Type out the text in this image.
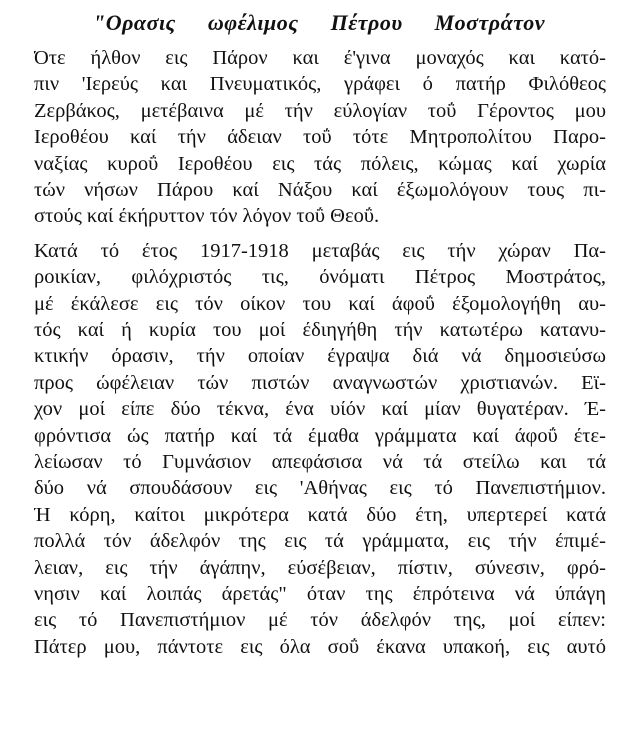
"Ορασις ωφέλιμος Πέτρου Μοστράτον
Ότε ήλθον εις Πάρον και έ'γινα μοναχός και κατό-
πιν 'Ιερεύς και Πνευματικός, γράφει ό πατήρ Φιλόθεος
Ζερβάκος, μετέβαινα μέ τήν εύλογίαν τοΰ Γέροντος μου
Ιεροθέου καί τήν άδειαν τοΰ τότε Μητροπολίτου Παρο-
ναξίας κυροΰ Ιεροθέου εις τάς πόλεις, κώμας καί χωρία
τών νήσων Πάρου καί Νάξου καί έξωμολόγουν τους πι-
στούς καί έκήρυττον τόν λόγον τοΰ Θεοΰ.
Κατά τό έτος 1917-1918 μεταβάς εις τήν χώραν Πα-
ροικίαν, φιλόχριστός τις, όνόματι Πέτρος Μοστράτος,
μέ έκάλεσε εις τόν οίκον του καί άφοΰ έξομολογήθη αυ-
τός καί ή κυρία του μοί έδιηγήθη τήν κατωτέρω κατανυ-
κτικήν όρασιν, τήν οποίαν έγραψα διά νά δημοσιεύσω
προς ώφέλειαν τών πιστών αναγνωστών χριστιανών. Εϊ-
χον μοί είπε δύο τέκνα, ένα υίόν καί μίαν θυγατέραν. Έ-
φρόντισα ώς πατήρ καί τά έμαθα γράμματα καί άφοΰ έτε-
λείωσαν τό Γυμνάσιον απεφάσισα νά τά στείλω και τά
δύο νά σπουδάσουν εις 'Αθήνας εις τό Πανεπιστήμιον.
Ή κόρη, καίτοι μικρότερα κατά δύο έτη, υπερτερεί κατά
πολλά τόν άδελφόν της εις τά γράμματα, εις τήν έπιμέ-
λειαν, εις τήν άγάπην, εύσέβειαν, πίστιν, σύνεσιν, φρό-
νησιν καί λοιπάς άρετάς" όταν της έπρότεινα νά ύπάγη
εις τό Πανεπιστήμιον μέ τόν άδελφόν της, μοί είπεν:
Πάτερ μου, πάντοτε εις όλα σοΰ έκανα υπακοή, εις αυτό
